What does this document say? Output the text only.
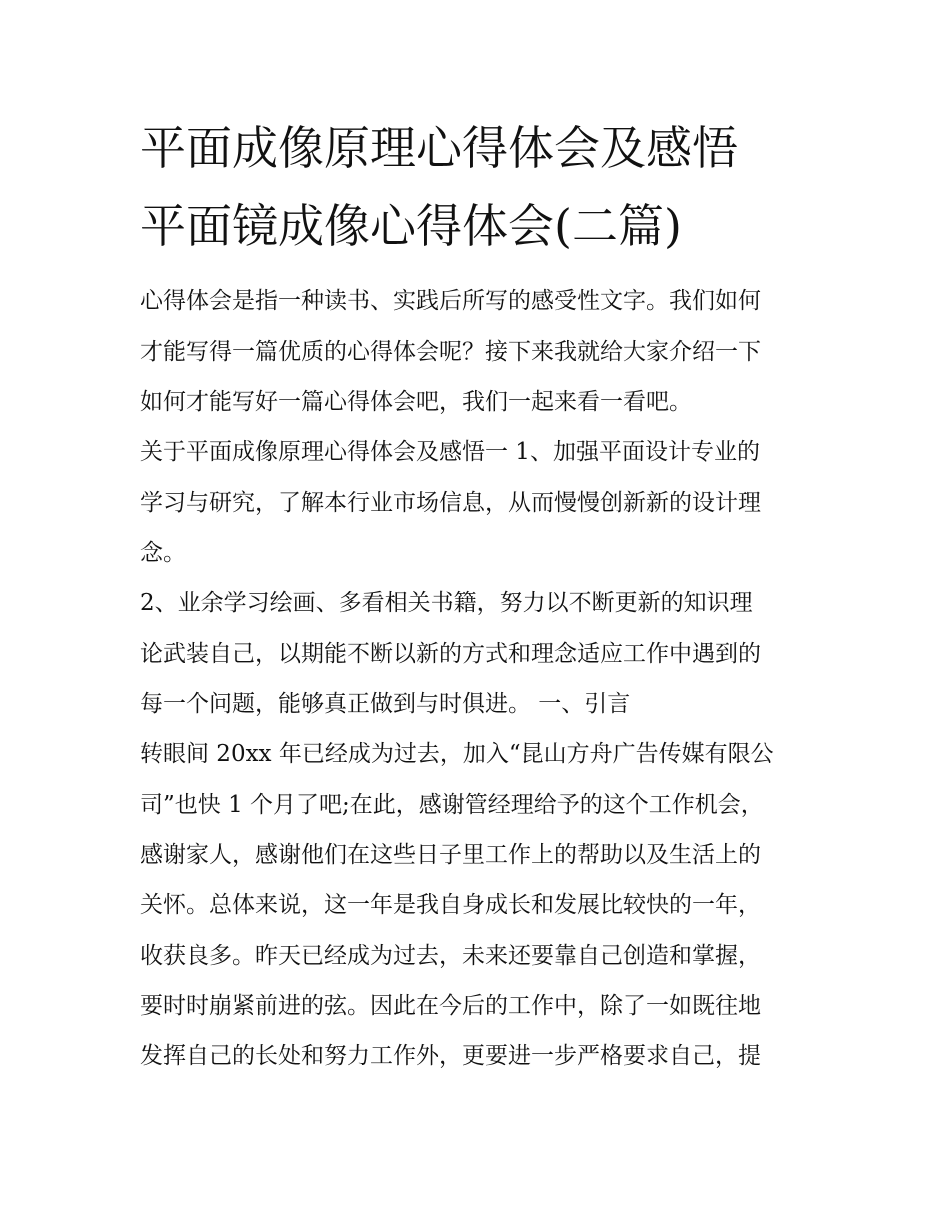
平面成像原理心得体会及感悟
平面镜成像心得体会(二篇)
心得体会是指一种读书、实践后所写的感受性文字。我们如何
才能写得一篇优质的心得体会呢？接下来我就给大家介绍一下
如何才能写好一篇心得体会吧，我们一起来看一看吧。
关于平面成像原理心得体会及感悟一 1、加强平面设计专业的
学习与研究，了解本行业市场信息，从而慢慢创新新的设计理
念。
2、业余学习绘画、多看相关书籍，努力以不断更新的知识理
论武装自己，以期能不断以新的方式和理念适应工作中遇到的
每一个问题，能够真正做到与时俱进。 一、引言
转眼间 20xx 年已经成为过去，加入“昆山方舟广告传媒有限公
司”也快 1 个月了吧;在此，感谢管经理给予的这个工作机会，
感谢家人，感谢他们在这些日子里工作上的帮助以及生活上的
关怀。总体来说，这一年是我自身成长和发展比较快的一年，
收获良多。昨天已经成为过去，未来还要靠自己创造和掌握，
要时时崩紧前进的弦。因此在今后的工作中，除了一如既往地
发挥自己的长处和努力工作外，更要进一步严格要求自己，提
